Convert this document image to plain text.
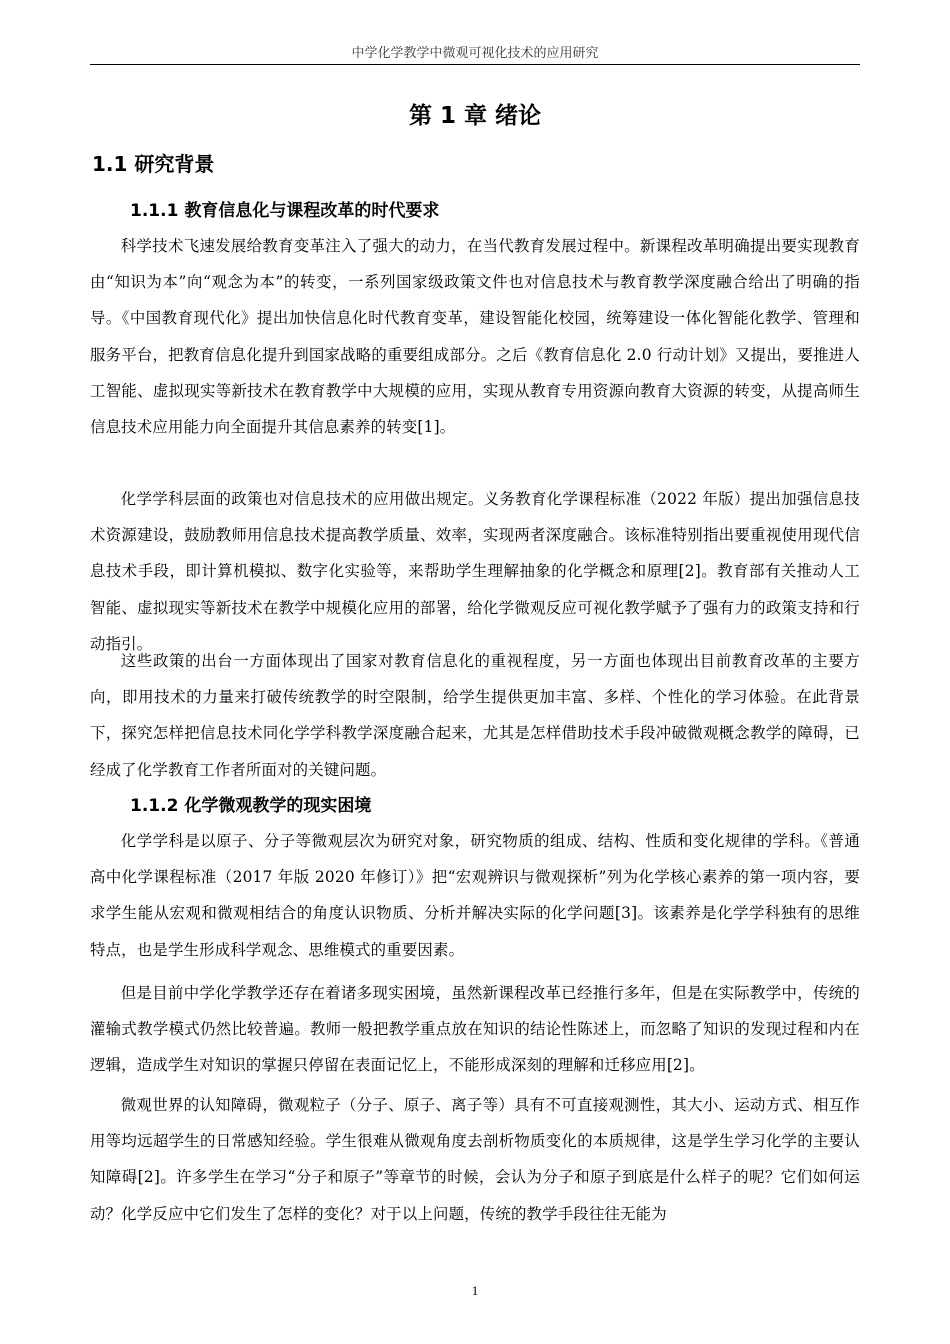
中学化学教学中微观可视化技术的应用研究
第 1 章 绪论
1.1 研究背景
1.1.1 教育信息化与课程改革的时代要求

科学技术飞速发展给教育变革注入了强大的动力，在当代教育发展过程中。新课程改革明确提出要实现教育由“知识为本”向“观念为本”的转变，一系列国家级政策文件也对信息技术与教育教学深度融合给出了明确的指导。《中国教育现代化》提出加快信息化时代教育变革，建设智能化校园，统筹建设一体化智能化教学、管理和服务平台，把教育信息化提升到国家战略的重要组成部分。之后《教育信息化 2.0 行动计划》又提出，要推进人工智能、虚拟现实等新技术在教育教学中大规模的应用，实现从教育专用资源向教育大资源的转变，从提高师生信息技术应用能力向全面提升其信息素养的转变[1]。

化学学科层面的政策也对信息技术的应用做出规定。义务教育化学课程标准（2022 年版）提出加强信息技术资源建设，鼓励教师用信息技术提高教学质量、效率，实现两者深度融合。该标准特别指出要重视使用现代信息技术手段，即计算机模拟、数字化实验等，来帮助学生理解抽象的化学概念和原理[2]。教育部有关推动人工智能、虚拟现实等新技术在教学中规模化应用的部署，给化学微观反应可视化教学赋予了强有力的政策支持和行动指引。

这些政策的出台一方面体现出了国家对教育信息化的重视程度，另一方面也体现出目前教育改革的主要方向，即用技术的力量来打破传统教学的时空限制，给学生提供更加丰富、多样、个性化的学习体验。在此背景下，探究怎样把信息技术同化学学科教学深度融合起来，尤其是怎样借助技术手段冲破微观概念教学的障碍，已经成了化学教育工作者所面对的关键问题。

1.1.2 化学微观教学的现实困境

化学学科是以原子、分子等微观层次为研究对象，研究物质的组成、结构、性质和变化规律的学科。《普通高中化学课程标准（2017 年版 2020 年修订）》把“宏观辨识与微观探析”列为化学核心素养的第一项内容，要求学生能从宏观和微观相结合的角度认识物质、分析并解决实际的化学问题[3]。该素养是化学学科独有的思维特点，也是学生形成科学观念、思维模式的重要因素。

但是目前中学化学教学还存在着诸多现实困境，虽然新课程改革已经推行多年，但是在实际教学中，传统的灌输式教学模式仍然比较普遍。教师一般把教学重点放在知识的结论性陈述上，而忽略了知识的发现过程和内在逻辑，造成学生对知识的掌握只停留在表面记忆上，不能形成深刻的理解和迁移应用[2]。

微观世界的认知障碍，微观粒子（分子、原子、离子等）具有不可直接观测性，其大小、运动方式、相互作用等均远超学生的日常感知经验。学生很难从微观角度去剖析物质变化的本质规律，这是学生学习化学的主要认知障碍[2]。许多学生在学习“分子和原子”等章节的时候，会认为分子和原子到底是什么样子的呢？它们如何运动？化学反应中它们发生了怎样的变化？对于以上问题，传统的教学手段往往无能为

1
